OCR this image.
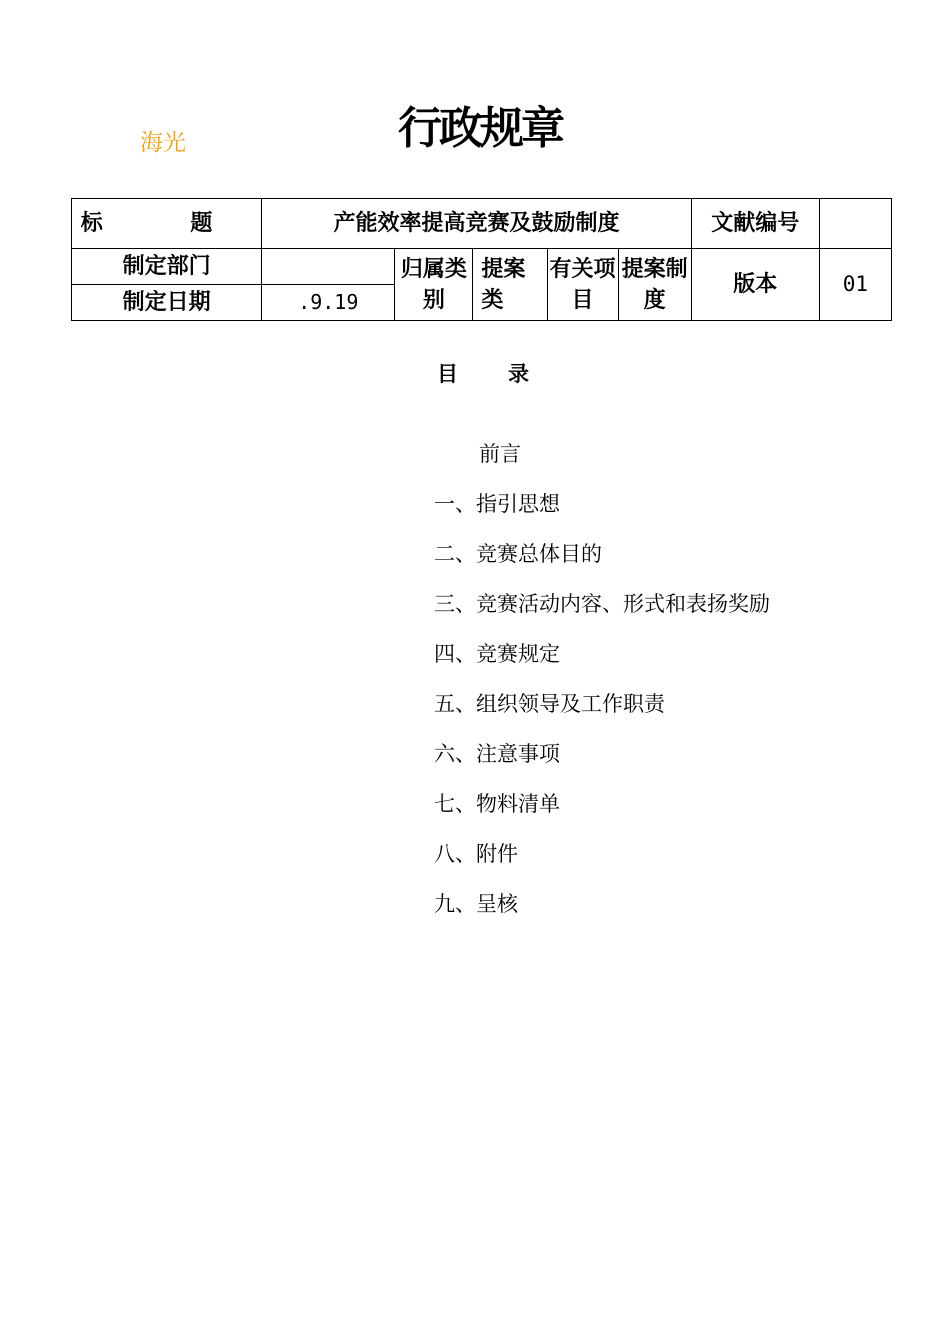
海光	行政规章
标 题	产能效率提高竞赛及鼓励制度					文献编号	
制定部门		归属类别	提案类	有关项目	提案制度	版本	01
制定日期	.9.19						
目录
前言
一、指引思想
二、竞赛总体目的
三、竞赛活动内容、形式和表扬奖励
四、竞赛规定
五、组织领导及工作职责
六、注意事项
七、物料清单
八、附件
九、呈核
